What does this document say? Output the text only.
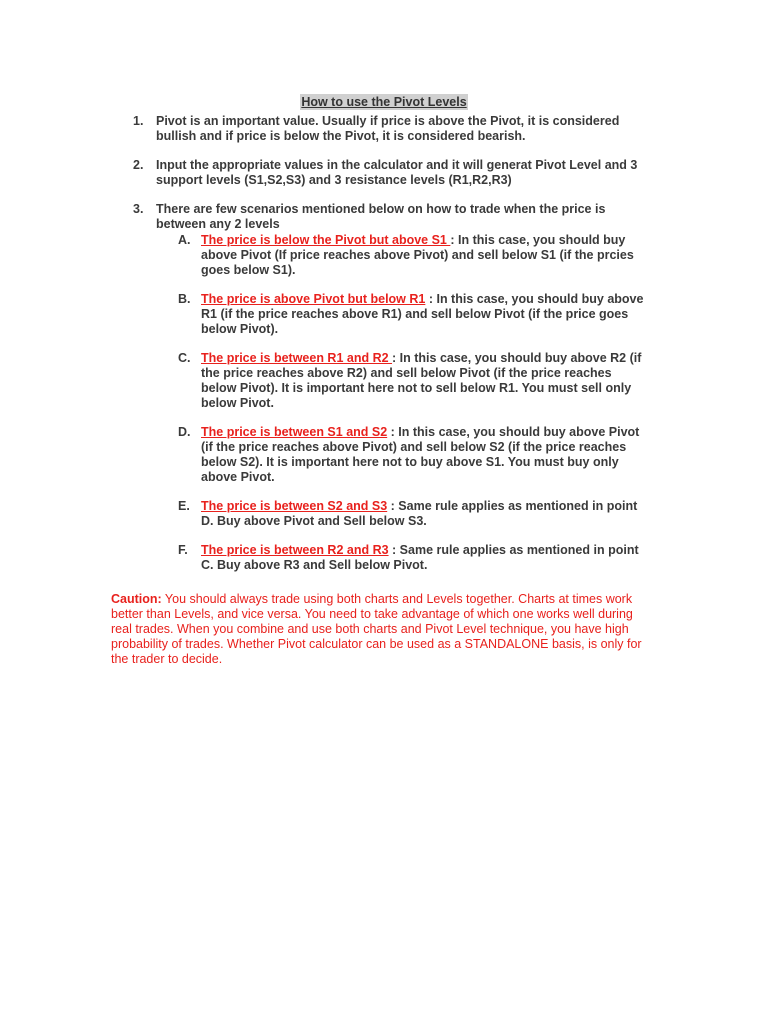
How to use the Pivot Levels
1. Pivot is an important value. Usually if price is above the Pivot, it is considered bullish and if price is below the Pivot, it is considered bearish.
2. Input the appropriate values in the calculator and it will generat Pivot Level and 3 support levels (S1,S2,S3) and 3 resistance levels (R1,R2,R3)
3. There are few scenarios mentioned below on how to trade when the price is between any 2 levels
A. The price is below the Pivot but above S1 : In this case, you should buy above Pivot (If price reaches above Pivot) and sell below S1 (if the prcies goes below S1).
B. The price is above Pivot but below R1 : In this case, you should buy above R1 (if the price reaches above R1) and sell below Pivot (if the price goes below Pivot).
C. The price is between R1 and R2 : In this case, you should buy above R2 (if the price reaches above R2) and sell below Pivot (if the price reaches below Pivot). It is important here not to sell below R1. You must sell only below Pivot.
D. The price is between S1 and S2 : In this case, you should buy above Pivot (if the price reaches above Pivot) and sell below S2 (if the price reaches below S2). It is important here not to buy above S1. You must buy only above Pivot.
E. The price is between S2 and S3 : Same rule applies as mentioned in point D. Buy above Pivot and Sell below S3.
F. The price is between R2 and R3 : Same rule applies as mentioned in point C. Buy above R3 and Sell below Pivot.
Caution: You should always trade using both charts and Levels together. Charts at times work better than Levels, and vice versa. You need to take advantage of which one works well during real trades. When you combine and use both charts and Pivot Level technique, you have high probability of trades. Whether Pivot calculator can be used as a STANDALONE basis, is only for the trader to decide.
